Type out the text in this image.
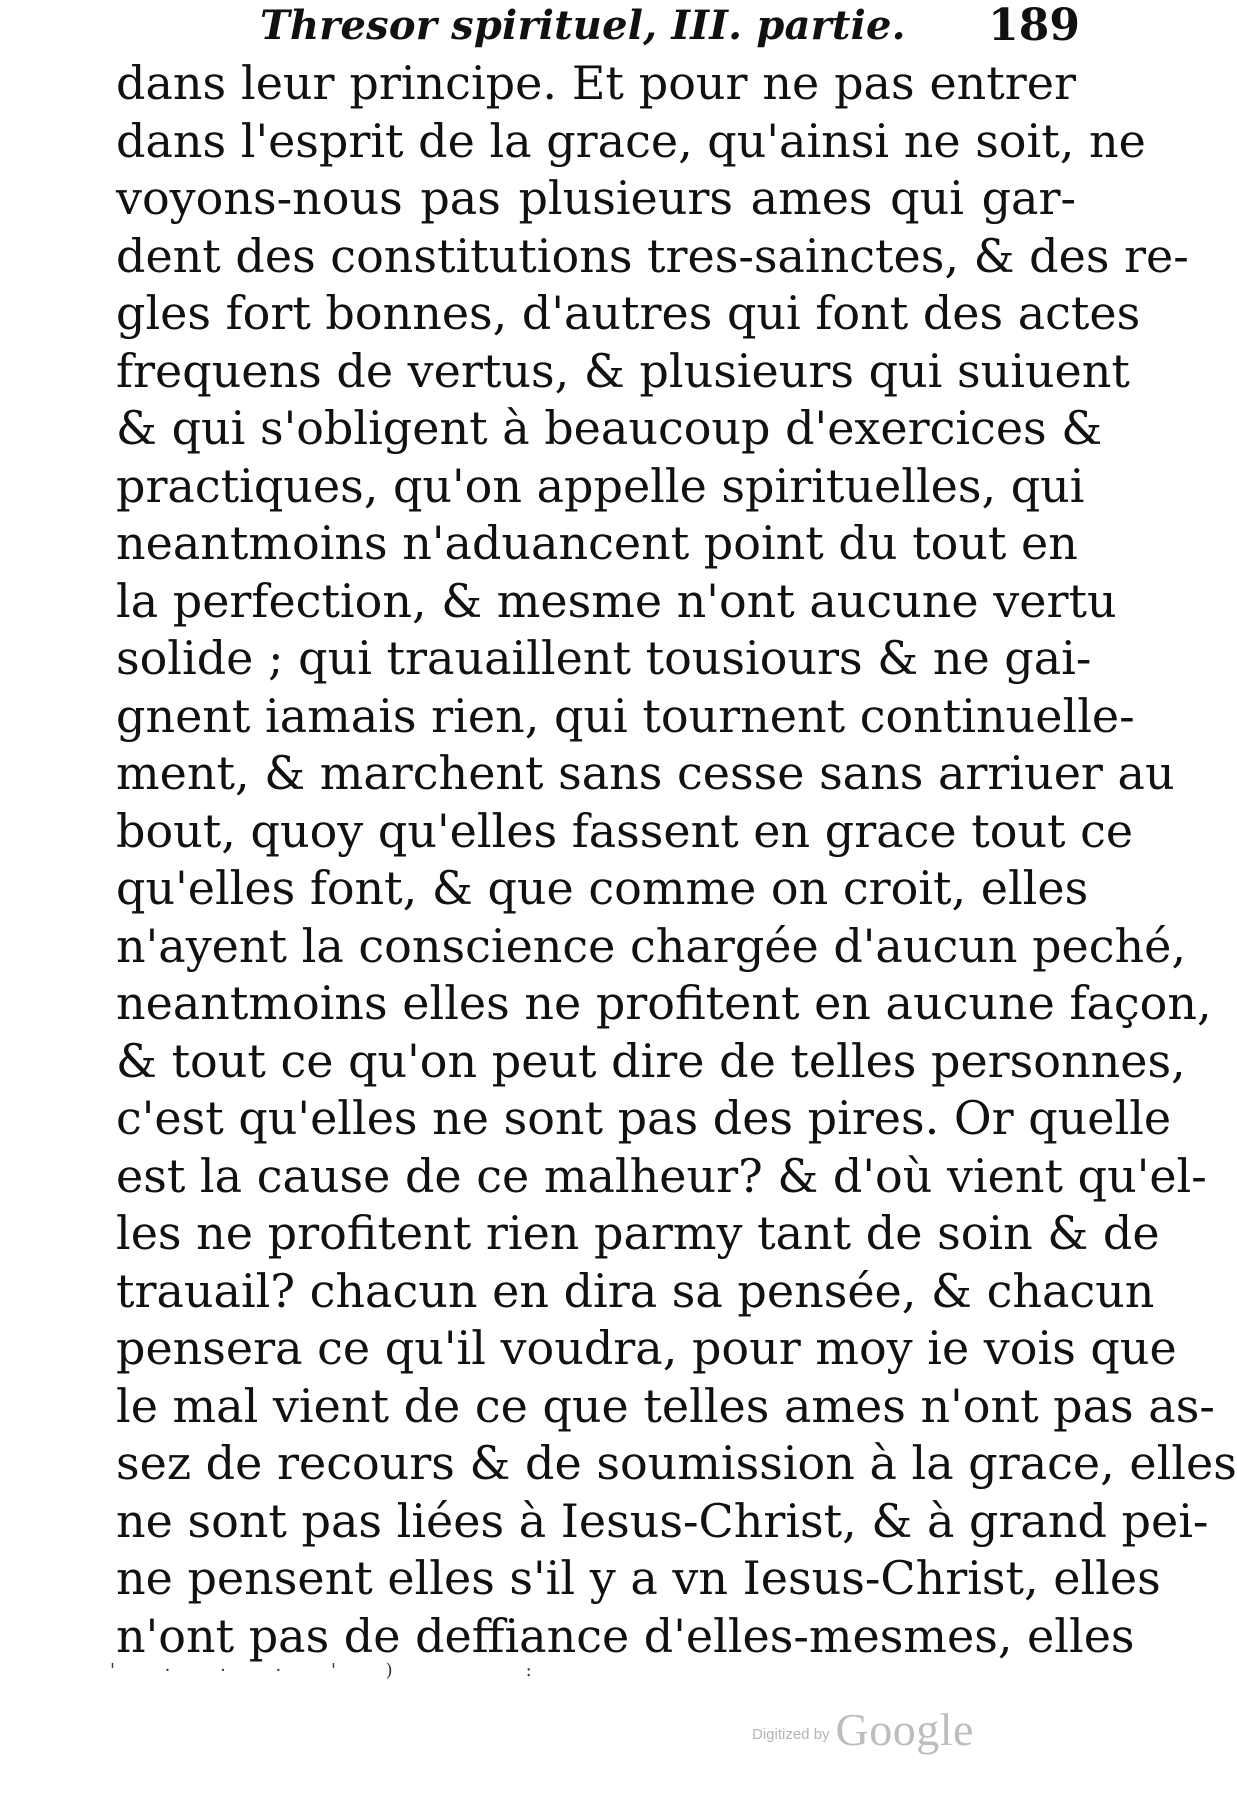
Thresor spirituel, III. partie. 189
dans leur principe. Et pour ne pas entrer
dans l'esprit de la grace, qu'ainsi ne soit, ne
voyons-nous pas plusieurs ames qui gar-
dent des constitutions tres-sainctes, & des re-
gles fort bonnes, d'autres qui font des actes
frequens de vertus, & plusieurs qui suiuent
& qui s'obligent à beaucoup d'exercices &
practiques, qu'on appelle spirituelles, qui
neantmoins n'aduancent point du tout en
la perfection, & mesme n'ont aucune vertu
solide ; qui trauaillent tousiours & ne gai-
gnent iamais rien, qui tournent continuelle-
ment, & marchent sans cesse sans arriuer au
bout, quoy qu'elles fassent en grace tout ce
qu'elles font, & que comme on croit, elles
n'ayent la conscience chargée d'aucun peché,
neantmoins elles ne profitent en aucune façon,
& tout ce qu'on peut dire de telles personnes,
c'est qu'elles ne sont pas des pires. Or quelle
est la cause de ce malheur? & d'où vient qu'el-
les ne profitent rien parmy tant de soin & de
trauail? chacun en dira sa pensée, & chacun
pensera ce qu'il voudra, pour moy ie vois que
le mal vient de ce que telles ames n'ont pas as-
sez de recours & de soumission à la grace, elles
ne sont pas liées à Iesus-Christ, & à grand pei-
ne pensent elles s'il y a vn Iesus-Christ, elles
n'ont pas de deffiance d'elles-mesmes, elles
' · · · ' )    :
Digitized by Google
